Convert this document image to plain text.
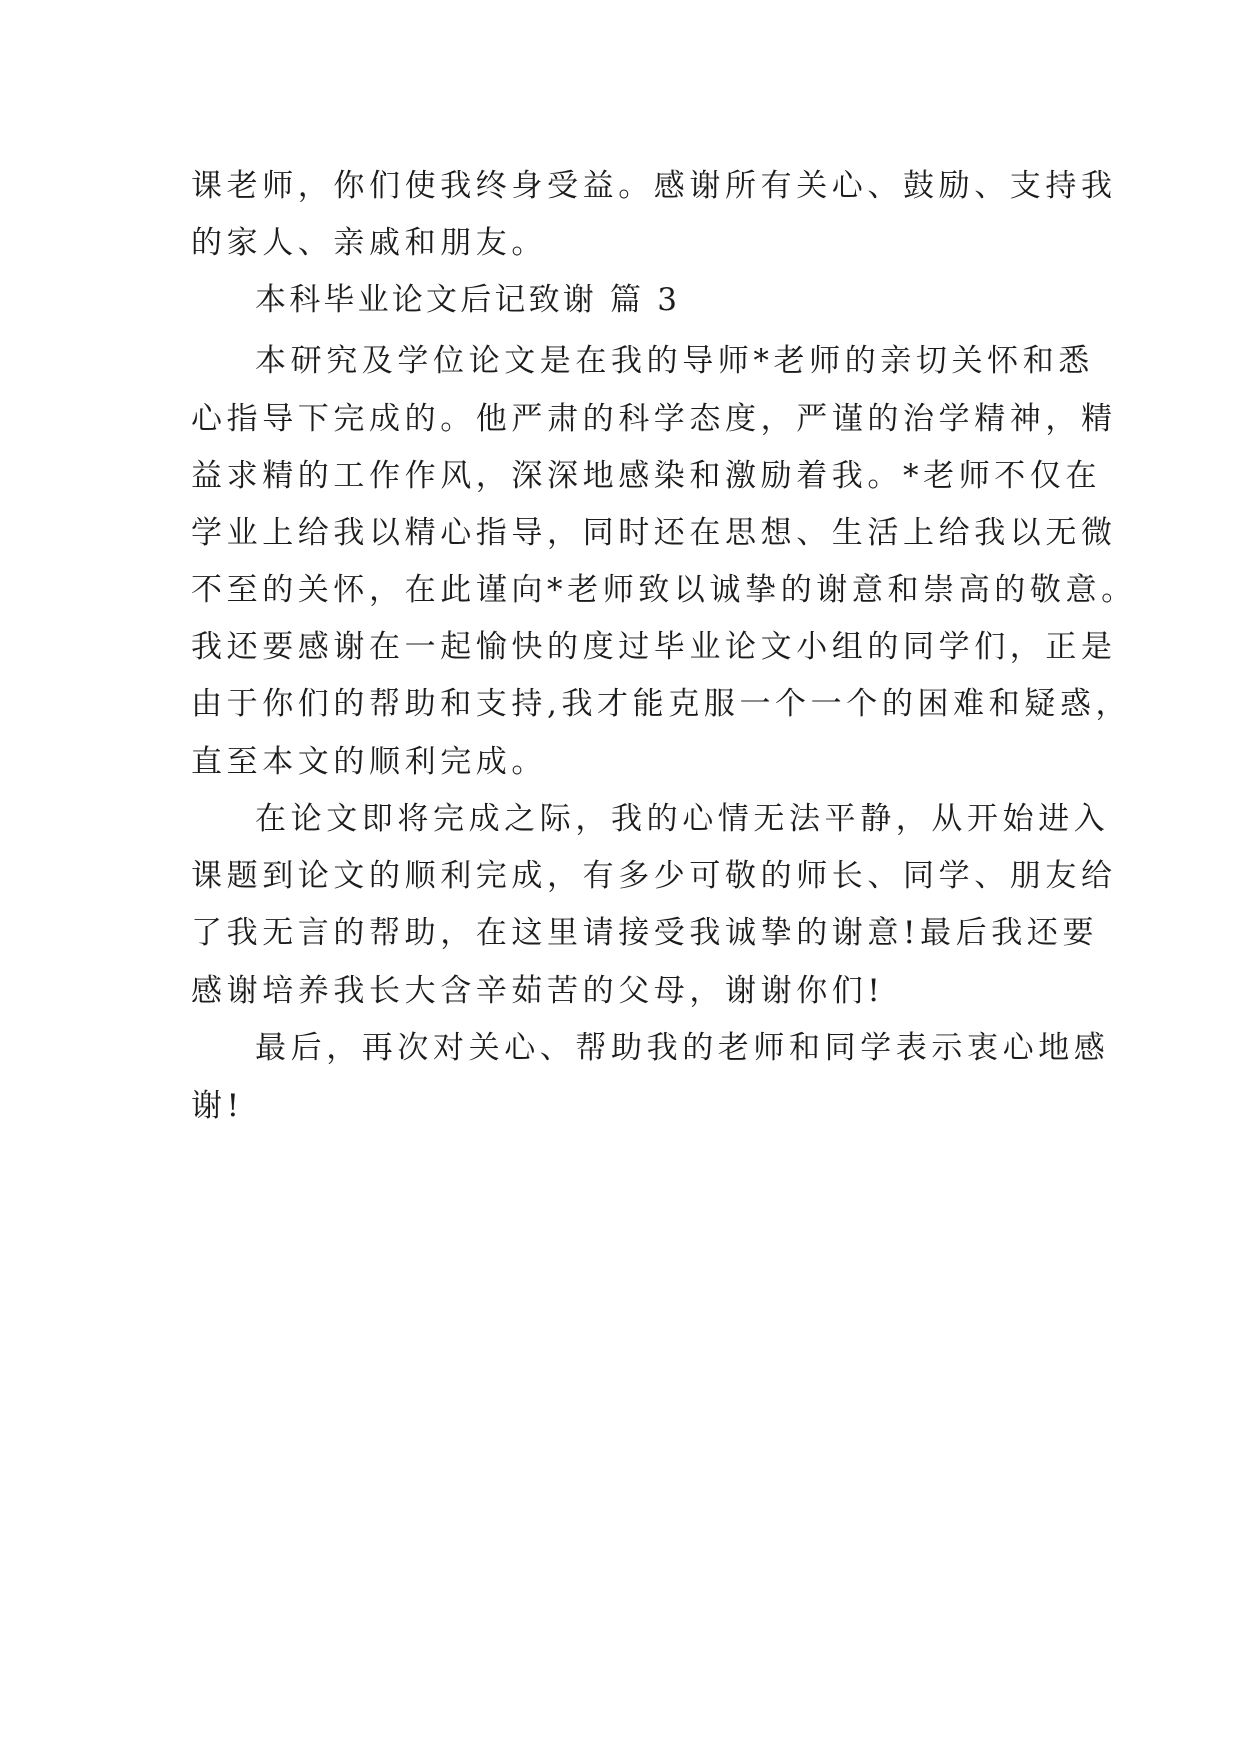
课老师，你们使我终身受益。感谢所有关心、鼓励、支持我
的家人、亲戚和朋友。
本科毕业论文后记致谢 篇 3
本研究及学位论文是在我的导师*老师的亲切关怀和悉
心指导下完成的。他严肃的科学态度，严谨的治学精神，精
益求精的工作作风，深深地感染和激励着我。*老师不仅在
学业上给我以精心指导，同时还在思想、生活上给我以无微
不至的关怀，在此谨向*老师致以诚挚的谢意和崇高的敬意。
我还要感谢在一起愉快的度过毕业论文小组的同学们，正是
由于你们的帮助和支持,我才能克服一个一个的困难和疑惑，
直至本文的顺利完成。
在论文即将完成之际，我的心情无法平静，从开始进入
课题到论文的顺利完成，有多少可敬的师长、同学、朋友给
了我无言的帮助，在这里请接受我诚挚的谢意!最后我还要
感谢培养我长大含辛茹苦的父母，谢谢你们!
最后，再次对关心、帮助我的老师和同学表示衷心地感
谢!
